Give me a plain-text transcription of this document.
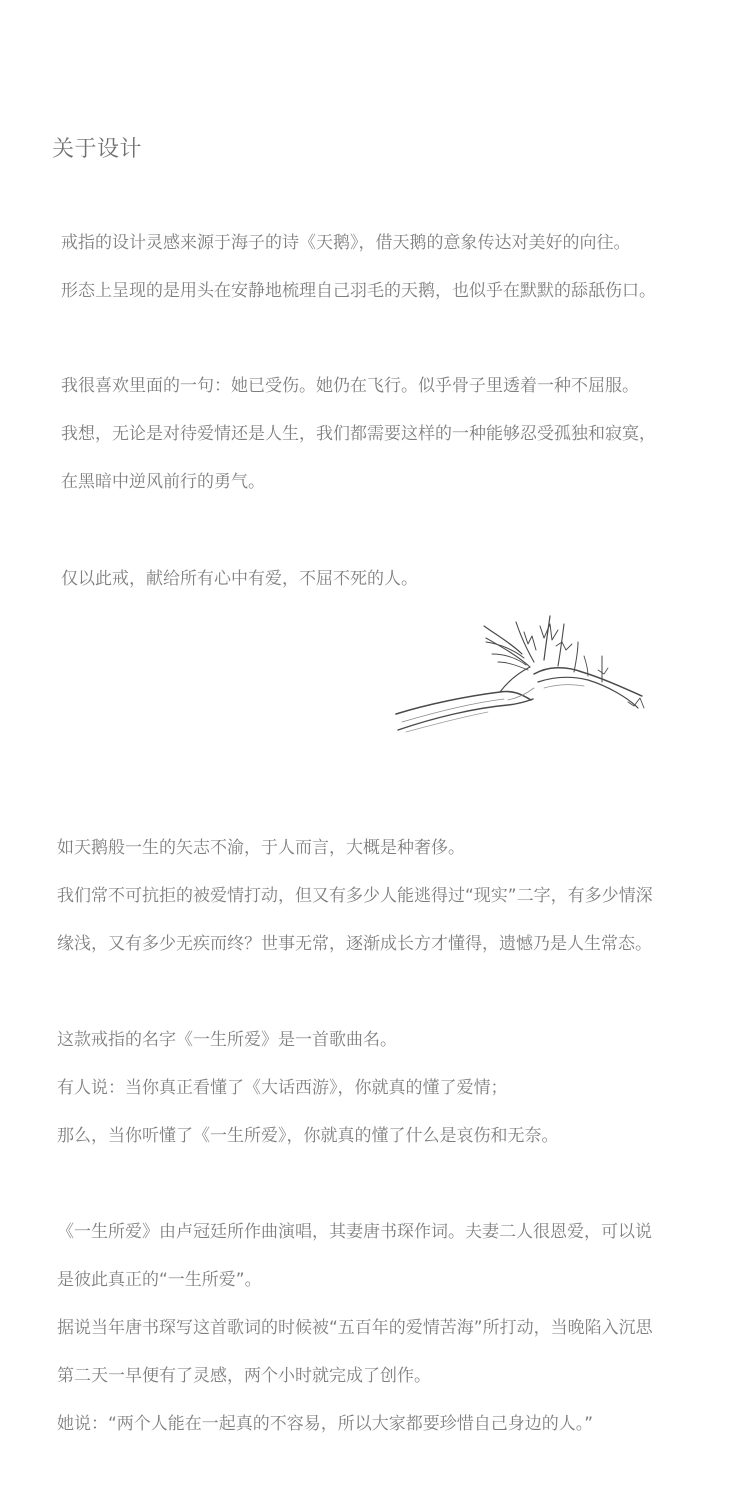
关于设计
戒指的设计灵感来源于海子的诗《天鹅》，借天鹅的意象传达对美好的向往。
形态上呈现的是用头在安静地梳理自己羽毛的天鹅，也似乎在默默的舔舐伤口。
我很喜欢里面的一句：她已受伤。她仍在飞行。似乎骨子里透着一种不屈服。
我想，无论是对待爱情还是人生，我们都需要这样的一种能够忍受孤独和寂寞，
在黑暗中逆风前行的勇气。
仅以此戒，献给所有心中有爱，不屈不死的人。
如天鹅般一生的矢志不渝，于人而言，大概是种奢侈。
我们常不可抗拒的被爱情打动，但又有多少人能逃得过“现实”二字，有多少情深
缘浅，又有多少无疾而终？世事无常，逐渐成长方才懂得，遗憾乃是人生常态。
这款戒指的名字《一生所爱》是一首歌曲名。
有人说：当你真正看懂了《大话西游》，你就真的懂了爱情；
那么，当你听懂了《一生所爱》，你就真的懂了什么是哀伤和无奈。
《一生所爱》由卢冠廷所作曲演唱，其妻唐书琛作词。夫妻二人很恩爱，可以说
是彼此真正的“一生所爱”。
据说当年唐书琛写这首歌词的时候被“五百年的爱情苦海”所打动，当晚陷入沉思
第二天一早便有了灵感，两个小时就完成了创作。
她说：“两个人能在一起真的不容易，所以大家都要珍惜自己身边的人。”
